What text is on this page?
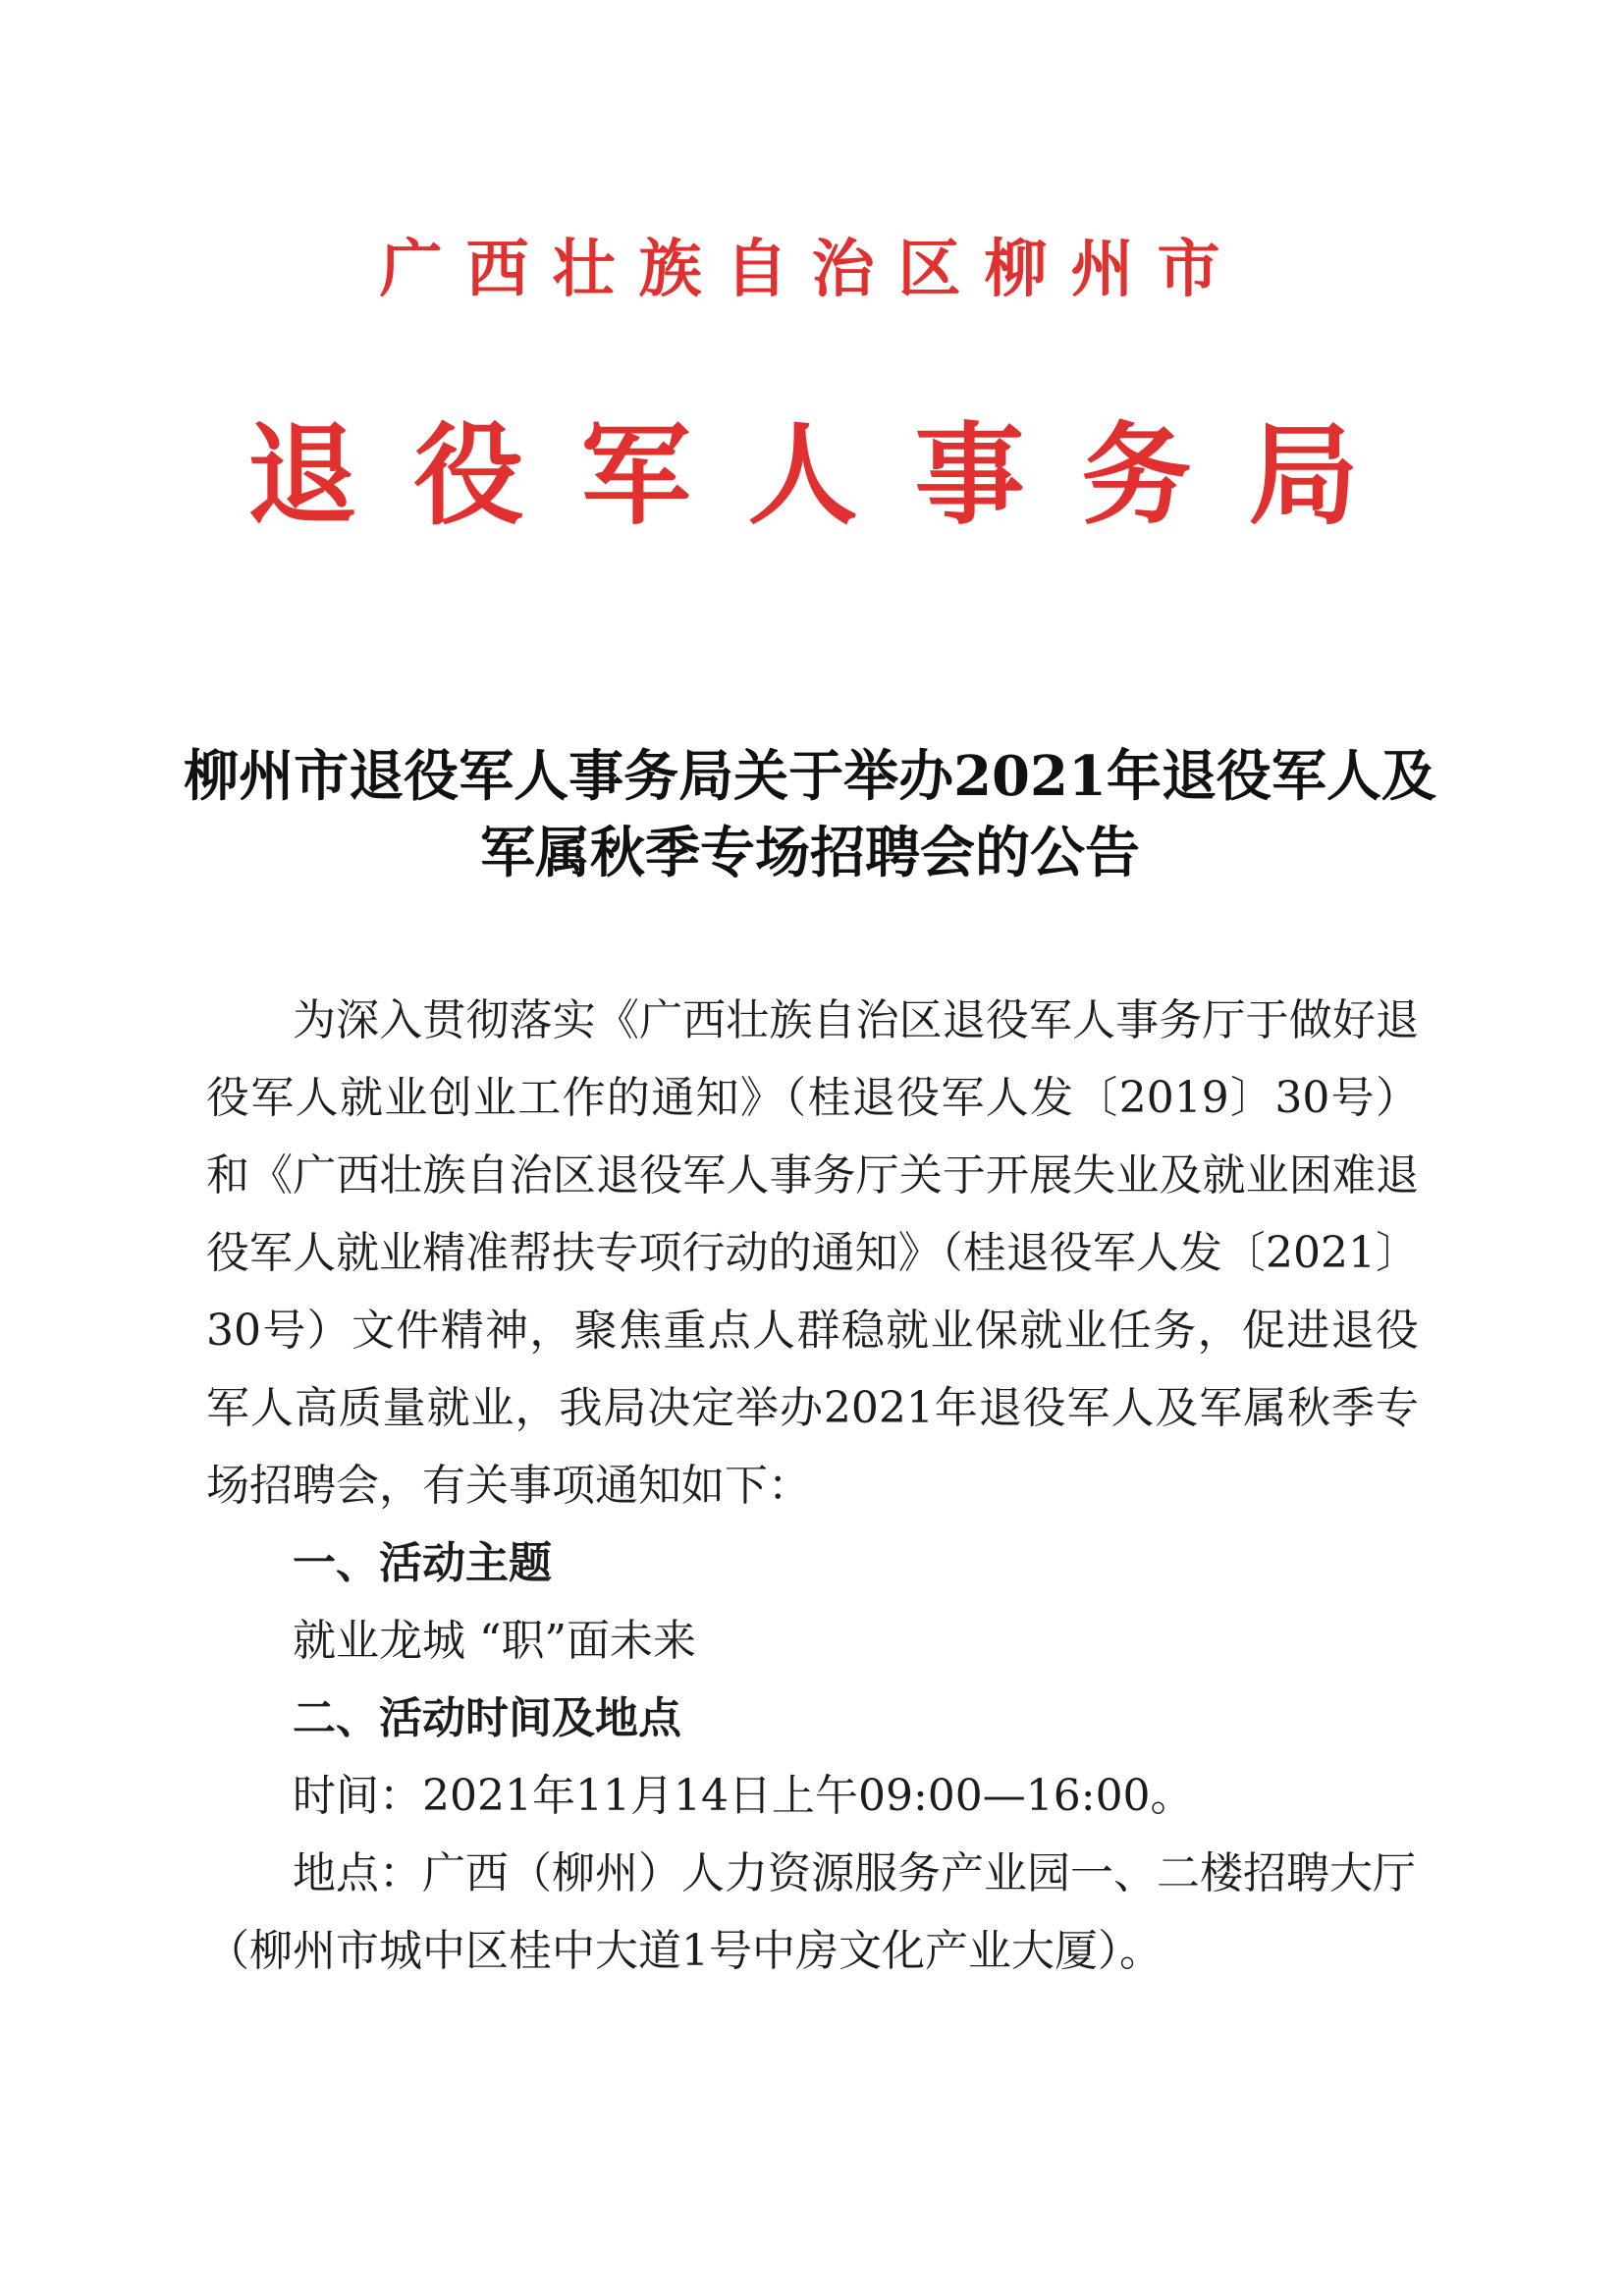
广西壮族自治区柳州市
退役军人事务局
柳州市退役军人事务局关于举办2021年退役军人及军属秋季专场招聘会的公告

为深入贯彻落实《广西壮族自治区退役军人事务厅于做好退役军人就业创业工作的通知》（桂退役军人发〔2019〕30号）和《广西壮族自治区退役军人事务厅关于开展失业及就业困难退役军人就业精准帮扶专项行动的通知》（桂退役军人发〔2021〕30号）文件精神，聚焦重点人群稳就业保就业任务，促进退役军人高质量就业，我局决定举办2021年退役军人及军属秋季专场招聘会，有关事项通知如下：

一、活动主题

就业龙城 “职”面未来

二、活动时间及地点

时间：2021年11月14日上午09:00—16:00。

地点：广西（柳州）人力资源服务产业园一、二楼招聘大厅

（柳州市城中区桂中大道1号中房文化产业大厦）。
